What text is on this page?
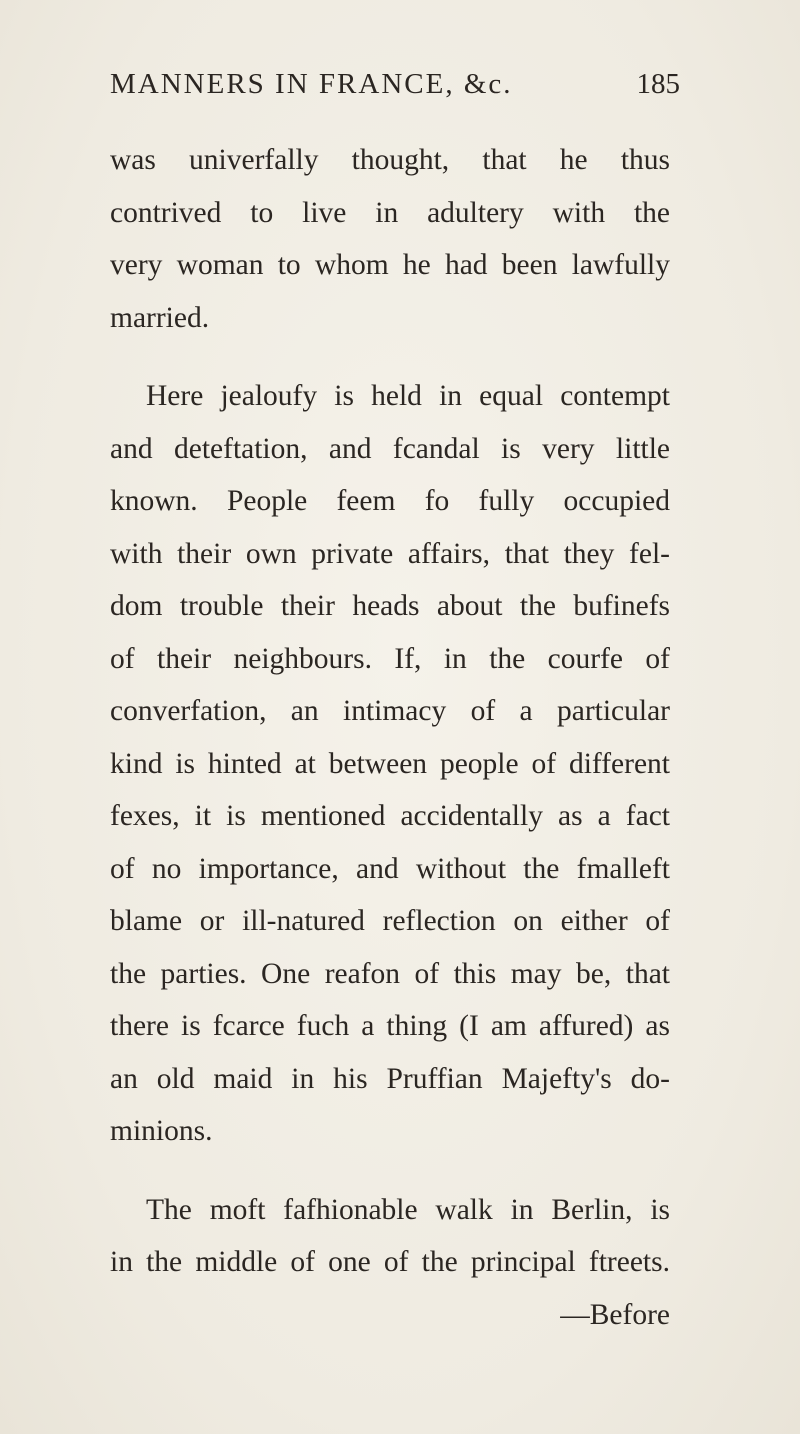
MANNERS IN FRANCE, &c.	185
was univerfally thought, that he thus
contrived to live in adultery with the
very woman to whom he had been lawfully
married.
Here jealoufy is held in equal contempt
and deteftation, and fcandal is very little
known. People feem fo fully occupied
with their own private affairs, that they fel-
dom trouble their heads about the bufinefs
of their neighbours. If, in the courfe of
converfation, an intimacy of a particular
kind is hinted at between people of different
fexes, it is mentioned accidentally as a fact
of no importance, and without the fmalleft
blame or ill-natured reflection on either of
the parties. One reafon of this may be, that
there is fcarce fuch a thing (I am affured) as
an old maid in his Pruffian Majefty's do-
minions.
The moft fafhionable walk in Berlin, is
in the middle of one of the principal ftreets.
—Before
